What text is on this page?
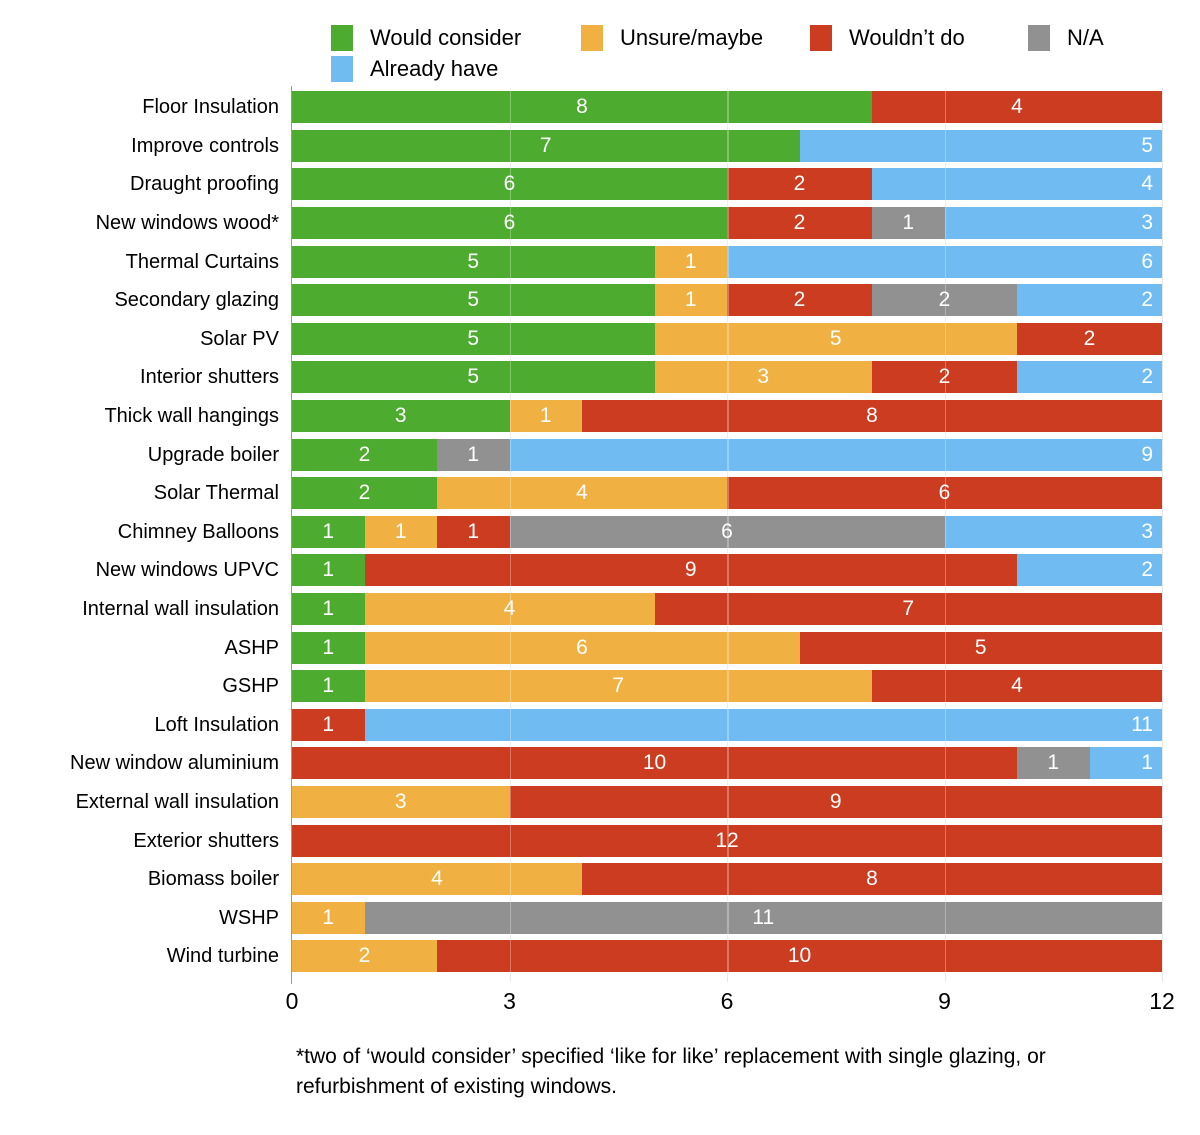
Would consider	Unsure/maybe	Wouldn’t do	N/A
Already have
Floor Insulation	8	4
Improve controls	7	5
Draught proofing	6	2	4
New windows wood*	6	2	1	3
Thermal Curtains	5	1	6
Secondary glazing	5	1	2	2	2
Solar PV	5	5	2
Interior shutters	5	3	2	2
Thick wall hangings	3	1	8
Upgrade boiler	2	1	9
Solar Thermal	2	4	6
Chimney Balloons	1	1	1	6	3
New windows UPVC	1	9	2
Internal wall insulation	1	4	7
ASHP	1	6	5
GSHP	1	7	4
Loft Insulation	1	11
New window aluminium	10	1	1
External wall insulation	3	9
Exterior shutters	12
Biomass boiler	4	8
WSHP	1	11
Wind turbine	2	10
0	3	6	9	12
*two of ‘would consider’ specified ‘like for like’ replacement with single glazing, or
refurbishment of existing windows.
